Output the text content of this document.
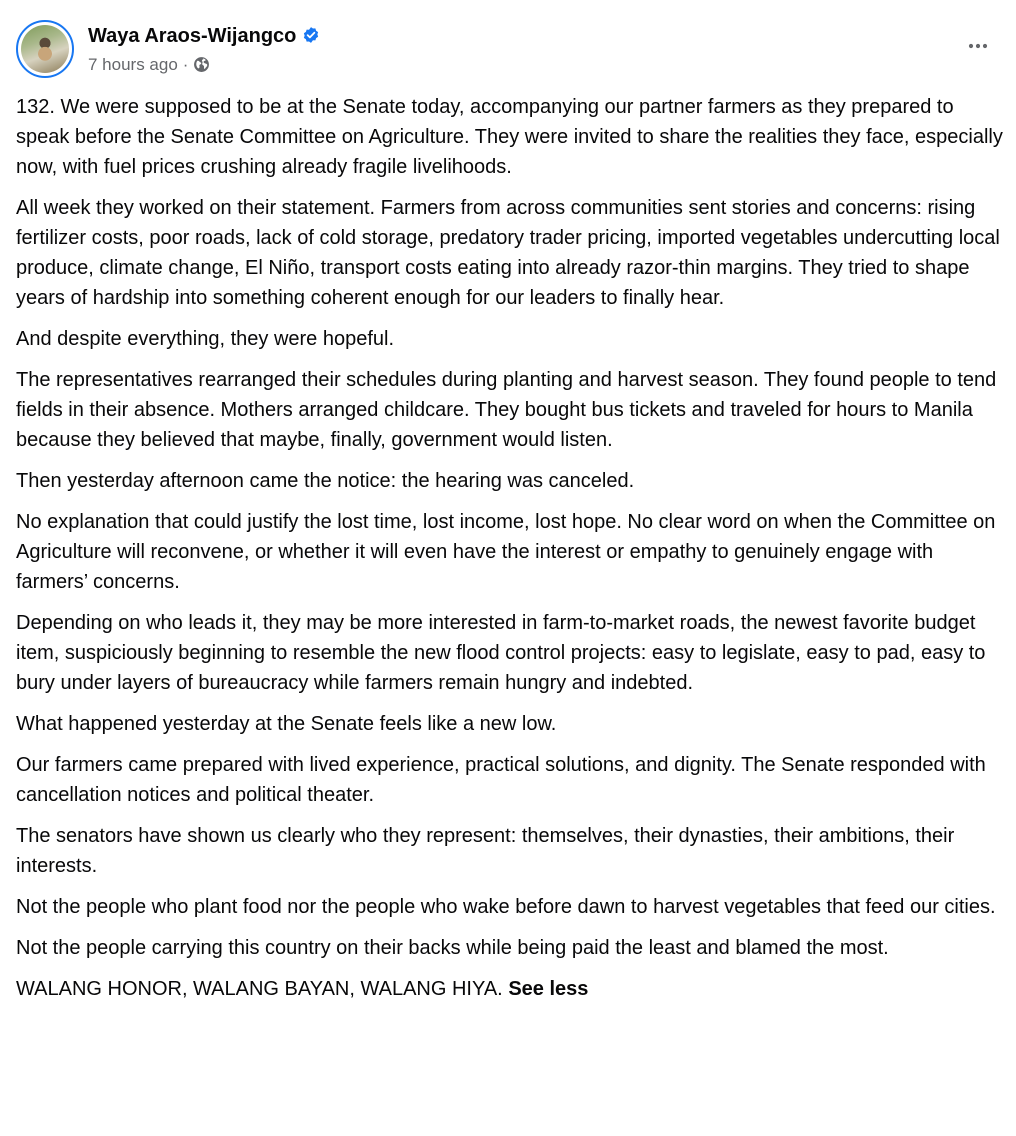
Waya Araos-Wijangco
7 hours ago ·

132. We were supposed to be at the Senate today, accompanying our partner farmers as they prepared to speak before the Senate Committee on Agriculture. They were invited to share the realities they face, especially now, with fuel prices crushing already fragile livelihoods.

All week they worked on their statement. Farmers from across communities sent stories and concerns: rising fertilizer costs, poor roads, lack of cold storage, predatory trader pricing, imported vegetables undercutting local produce, climate change, El Niño, transport costs eating into already razor-thin margins. They tried to shape years of hardship into something coherent enough for our leaders to finally hear.

And despite everything, they were hopeful.

The representatives rearranged their schedules during planting and harvest season. They found people to tend fields in their absence. Mothers arranged childcare. They bought bus tickets and traveled for hours to Manila because they believed that maybe, finally, government would listen.

Then yesterday afternoon came the notice: the hearing was canceled.

No explanation that could justify the lost time, lost income, lost hope. No clear word on when the Committee on Agriculture will reconvene, or whether it will even have the interest or empathy to genuinely engage with farmers’ concerns.

Depending on who leads it, they may be more interested in farm-to-market roads, the newest favorite budget item, suspiciously beginning to resemble the new flood control projects: easy to legislate, easy to pad, easy to bury under layers of bureaucracy while farmers remain hungry and indebted.

What happened yesterday at the Senate feels like a new low.

Our farmers came prepared with lived experience, practical solutions, and dignity. The Senate responded with cancellation notices and political theater.

The senators have shown us clearly who they represent: themselves, their dynasties, their ambitions, their interests.

Not the people who plant food nor the people who wake before dawn to harvest vegetables that feed our cities.

Not the people carrying this country on their backs while being paid the least and blamed the most.

WALANG HONOR, WALANG BAYAN, WALANG HIYA. See less
